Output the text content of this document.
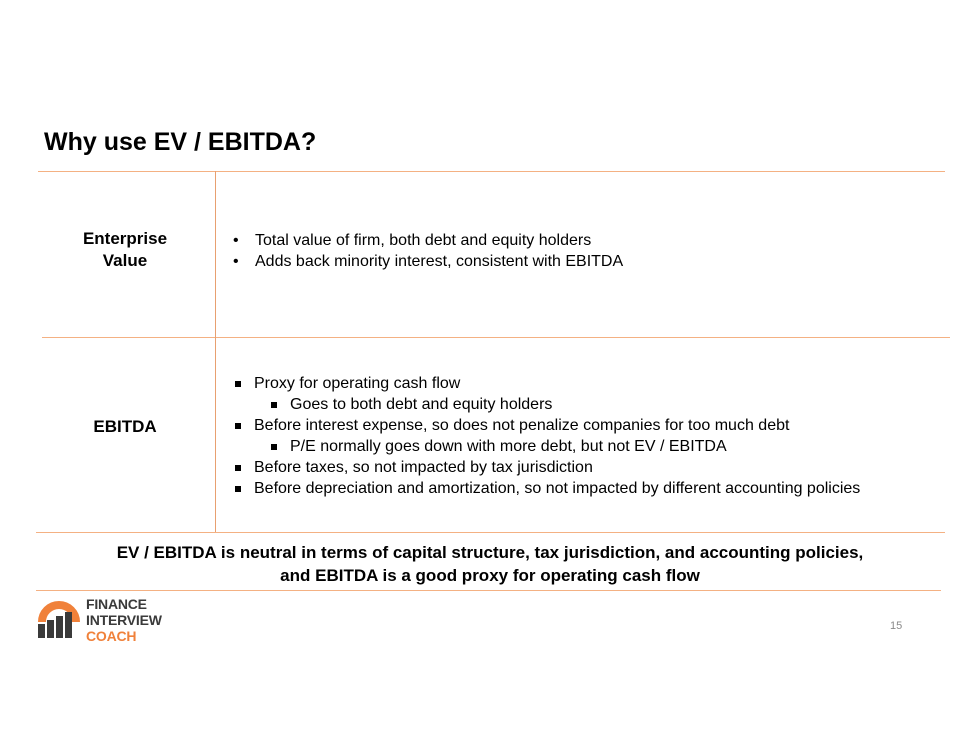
Why use EV / EBITDA?
Enterprise
Value
• Total value of firm, both debt and equity holders
• Adds back minority interest, consistent with EBITDA
EBITDA
Proxy for operating cash flow
Goes to both debt and equity holders
Before interest expense, so does not penalize companies for too much debt
P/E normally goes down with more debt, but not EV / EBITDA
Before taxes, so not impacted by tax jurisdiction
Before depreciation and amortization, so not impacted by different accounting policies
EV / EBITDA is neutral in terms of capital structure, tax jurisdiction, and accounting policies,
and EBITDA is a good proxy for operating cash flow
FINANCE
INTERVIEW
COACH
15
